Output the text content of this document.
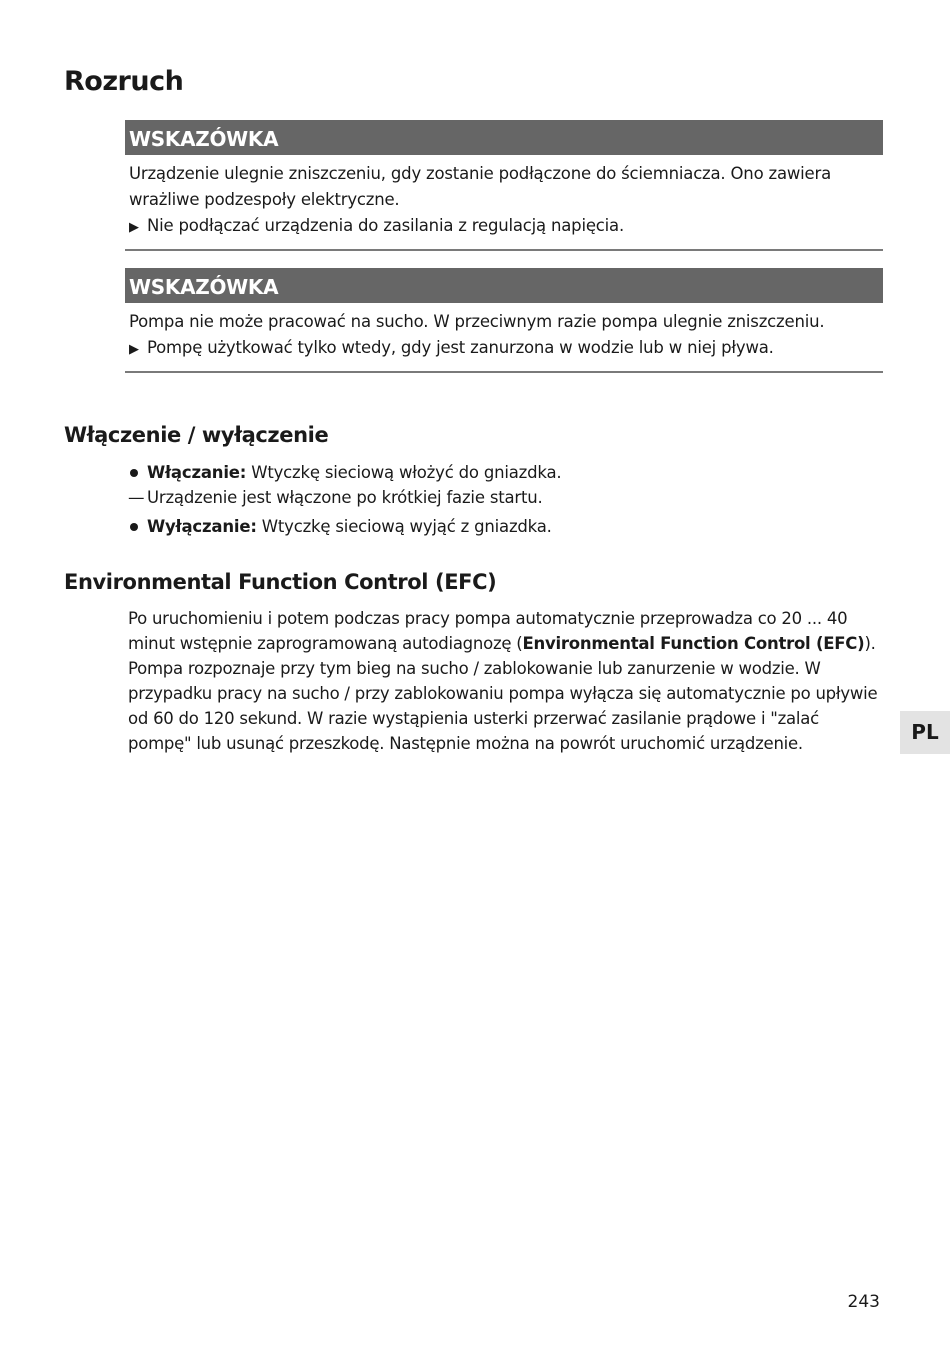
Rozruch
WSKAZÓWKA

Urządzenie ulegnie zniszczeniu, gdy zostanie podłączone do ściemniacza. Ono zawiera wrażliwe podzespoły elektryczne.

▶ Nie podłączać urządzenia do zasilania z regulacją napięcia.

WSKAZÓWKA

Pompa nie może pracować na sucho. W przeciwnym razie pompa ulegnie zniszczeniu.

▶ Pompę użytkować tylko wtedy, gdy jest zanurzona w wodzie lub w niej pływa.

Włączenie / wyłączenie
Włączanie: Wtyczkę sieciową włożyć do gniazdka.
— Urządzenie jest włączone po krótkiej fazie startu.
Wyłączanie: Wtyczkę sieciową wyjąć z gniazdka.
Environmental Function Control (EFC)

Po uruchomieniu i potem podczas pracy pompa automatycznie przeprowadza co 20 ... 40 minut wstępnie zaprogramowaną autodiagnozę (Environmental Function Control (EFC)). Pompa rozpoznaje przy tym bieg na sucho / zablokowanie lub zanurzenie w wodzie. W przypadku pracy na sucho / przy zablokowaniu pompa wyłącza się automatycznie po upływie od 60 do 120 sekund. W razie wystąpienia usterki przerwać zasilanie prądowe i "zalać pompę" lub usunąć przeszkodę. Następnie można na powrót uruchomić urządzenie.	PL
243
